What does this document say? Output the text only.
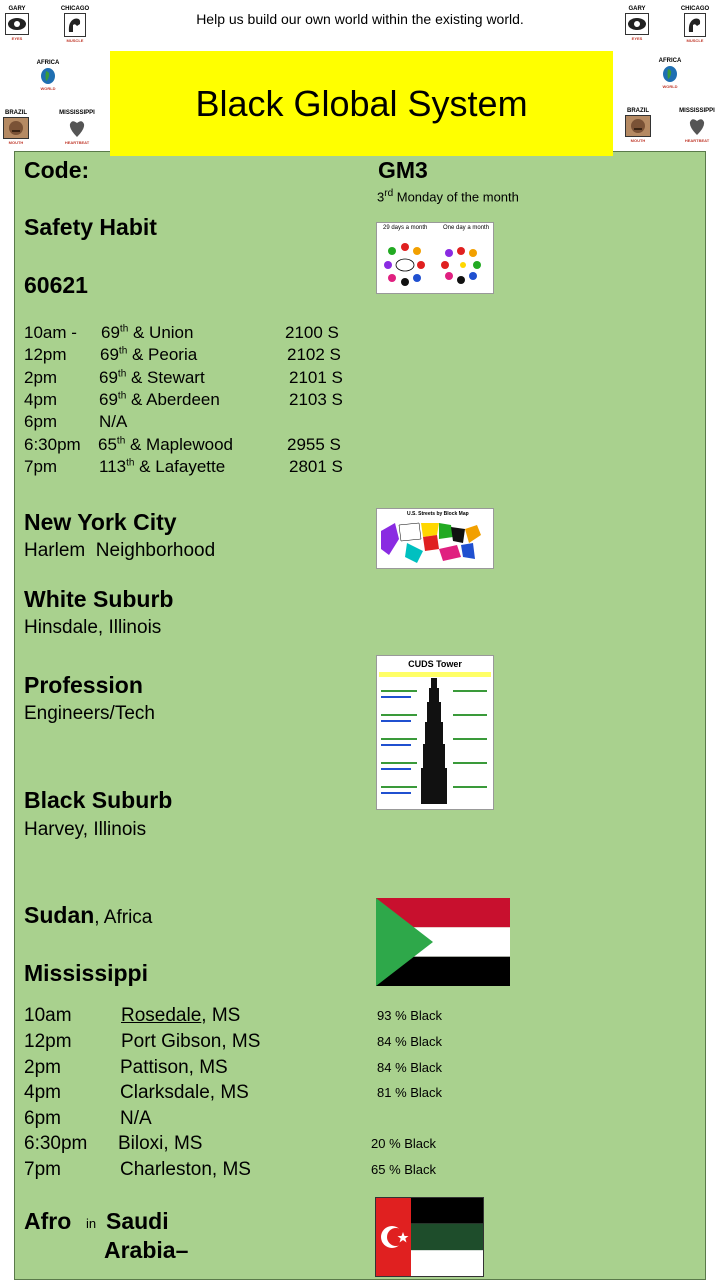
Help us build our own world within the existing world.
GARY
EYES
CHICAGO
MUSCLE
AFRICA
WORLD
BRAZIL
MOUTH
MISSISSIPPI
HEARTBEAT
GARY
EYES
CHICAGO
MUSCLE
AFRICA
WORLD
BRAZIL
MOUTH
MISSISSIPPI
HEARTBEAT
Black Global System
Code:	GM3
3rd Monday of the month
Safety Habit	29 days a month	One day a month
60621
10am - 69th & Union	2100 S
12pm 69th & Peoria	2102 S
2pm 69th & Stewart	2101 S
4pm 69th & Aberdeen	2103 S
6pm N/A
6:30pm 65th & Maplewood	2955 S
7pm 113th & Lafayette	2801 S
New York City
Harlem  Neighborhood
U.S. Streets by Block Map
White Suburb
Hinsdale, Illinois
Profession
Engineers/Tech
CUDS Tower
Black Suburb
Harvey, Illinois
Sudan, Africa
Mississippi
10am	Rosedale, MS	93 % Black
12pm	Port Gibson, MS	84 % Black
2pm	Pattison, MS	84 % Black
4pm	Clarksdale, MS	81 % Black
6pm	N/A
6:30pm Biloxi, MS	20 % Black
7pm	Charleston, MS	65 % Black
Afro in Saudi
Arabia–
